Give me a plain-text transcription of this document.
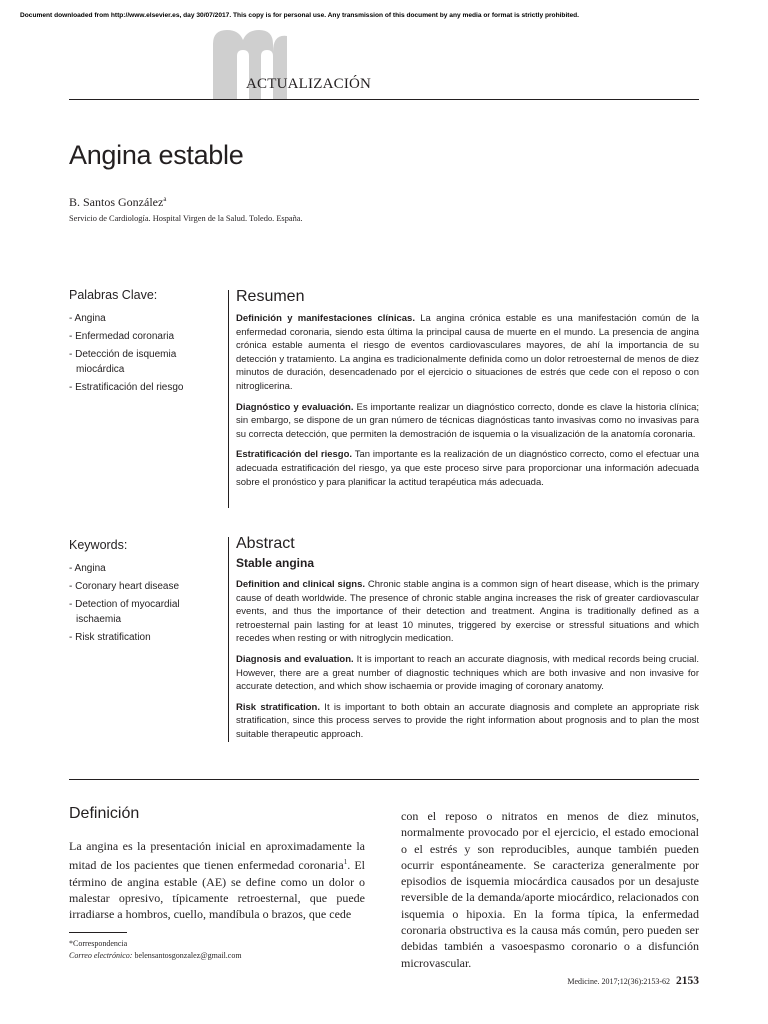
Document downloaded from http://www.elsevier.es, day 30/07/2017. This copy is for personal use. Any transmission of this document by any media or format is strictly prohibited.
ACTUALIZACIÓN
Angina estable
B. Santos González$^a$
Servicio de Cardiología. Hospital Virgen de la Salud. Toledo. España.
Palabras Clave:
- Angina
- Enfermedad coronaria
- Detección de isquemia miocárdica
- Estratificación del riesgo
Keywords:
- Angina
- Coronary heart disease
- Detection of myocardial ischaemia
- Risk stratification
Resumen

Definición y manifestaciones clínicas. La angina crónica estable es una manifestación común de la enfermedad coronaria, siendo esta última la principal causa de muerte en el mundo. La presencia de angina crónica estable aumenta el riesgo de eventos cardiovasculares mayores, de ahí la importancia de su detección y tratamiento. La angina es tradicionalmente definida como un dolor retroesternal de menos de diez minutos de duración, desencadenado por el ejercicio o situaciones de estrés que cede con el reposo o con nitroglicerina.

Diagnóstico y evaluación. Es importante realizar un diagnóstico correcto, donde es clave la historia clínica; sin embargo, se dispone de un gran número de técnicas diagnósticas tanto invasivas como no invasivas para su correcta detección, que permiten la demostración de isquemia o la visualización de la anatomía coronaria.

Estratificación del riesgo. Tan importante es la realización de un diagnóstico correcto, como el efectuar una adecuada estratificación del riesgo, ya que este proceso sirve para proporcionar una información adecuada sobre el pronóstico y para planificar la actitud terapéutica más adecuada.

Abstract
Stable angina

Definition and clinical signs. Chronic stable angina is a common sign of heart disease, which is the primary cause of death worldwide. The presence of chronic stable angina increases the risk of greater cardiovascular events, and thus the importance of their detection and treatment. Angina is traditionally defined as a retroesternal pain lasting for at least 10 minutes, triggered by exercise or stressful situations and which recedes when resting or with nitroglycin medication.

Diagnosis and evaluation. It is important to reach an accurate diagnosis, with medical records being crucial. However, there are a great number of diagnostic techniques which are both invasive and non invasive for accurate detection, and which show ischaemia or provide imaging of coronary anatomy.

Risk stratification. It is important to both obtain an accurate diagnosis and complete an appropriate risk stratification, since this process serves to provide the right information about prognosis and to plan the most suitable therapeutic approach.

Definición

La angina es la presentación inicial en aproximadamente la mitad de los pacientes que tienen enfermedad coronaria$^1$. El término de angina estable (AE) se define como un dolor o malestar opresivo, típicamente retroesternal, que puede irradiarse a hombros, cuello, mandíbula o brazos, que cede

con el reposo o nitratos en menos de diez minutos, normalmente provocado por el ejercicio, el estado emocional o el estrés y son reproducibles, aunque también pueden ocurrir espontáneamente. Se caracteriza generalmente por episodios de isquemia miocárdica causados por un desajuste reversible de la demanda/aporte miocárdico, relacionados con isquemia o hipoxia. En la forma típica, la enfermedad coronaria obstructiva es la causa más común, pero pueden ser debidas también a vasoespasmo coronario o a disfunción microvascular.

*Correspondencia
Correo electrónico: belensantosgonzalez@gmail.com
Medicine. 2017;12(36):2153-62 2153
